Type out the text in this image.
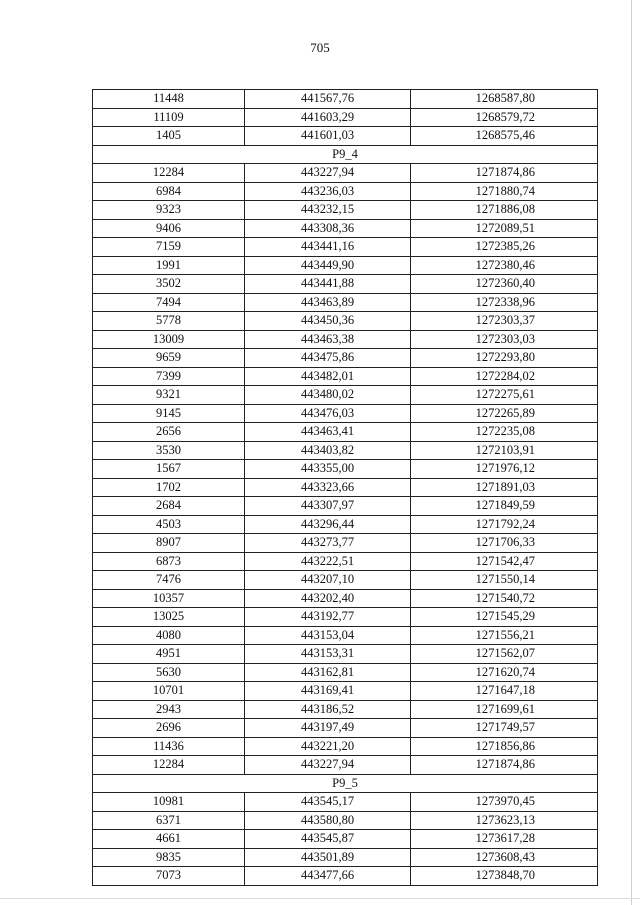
705
11448	441567,76	1268587,80
11109	441603,29	1268579,72
1405	441601,03	1268575,46
P9_4		
12284	443227,94	1271874,86
6984	443236,03	1271880,74
9323	443232,15	1271886,08
9406	443308,36	1272089,51
7159	443441,16	1272385,26
1991	443449,90	1272380,46
3502	443441,88	1272360,40
7494	443463,89	1272338,96
5778	443450,36	1272303,37
13009	443463,38	1272303,03
9659	443475,86	1272293,80
7399	443482,01	1272284,02
9321	443480,02	1272275,61
9145	443476,03	1272265,89
2656	443463,41	1272235,08
3530	443403,82	1272103,91
1567	443355,00	1271976,12
1702	443323,66	1271891,03
2684	443307,97	1271849,59
4503	443296,44	1271792,24
8907	443273,77	1271706,33
6873	443222,51	1271542,47
7476	443207,10	1271550,14
10357	443202,40	1271540,72
13025	443192,77	1271545,29
4080	443153,04	1271556,21
4951	443153,31	1271562,07
5630	443162,81	1271620,74
10701	443169,41	1271647,18
2943	443186,52	1271699,61
2696	443197,49	1271749,57
11436	443221,20	1271856,86
12284	443227,94	1271874,86
P9_5		
10981	443545,17	1273970,45
6371	443580,80	1273623,13
4661	443545,87	1273617,28
9835	443501,89	1273608,43
7073	443477,66	1273848,70
